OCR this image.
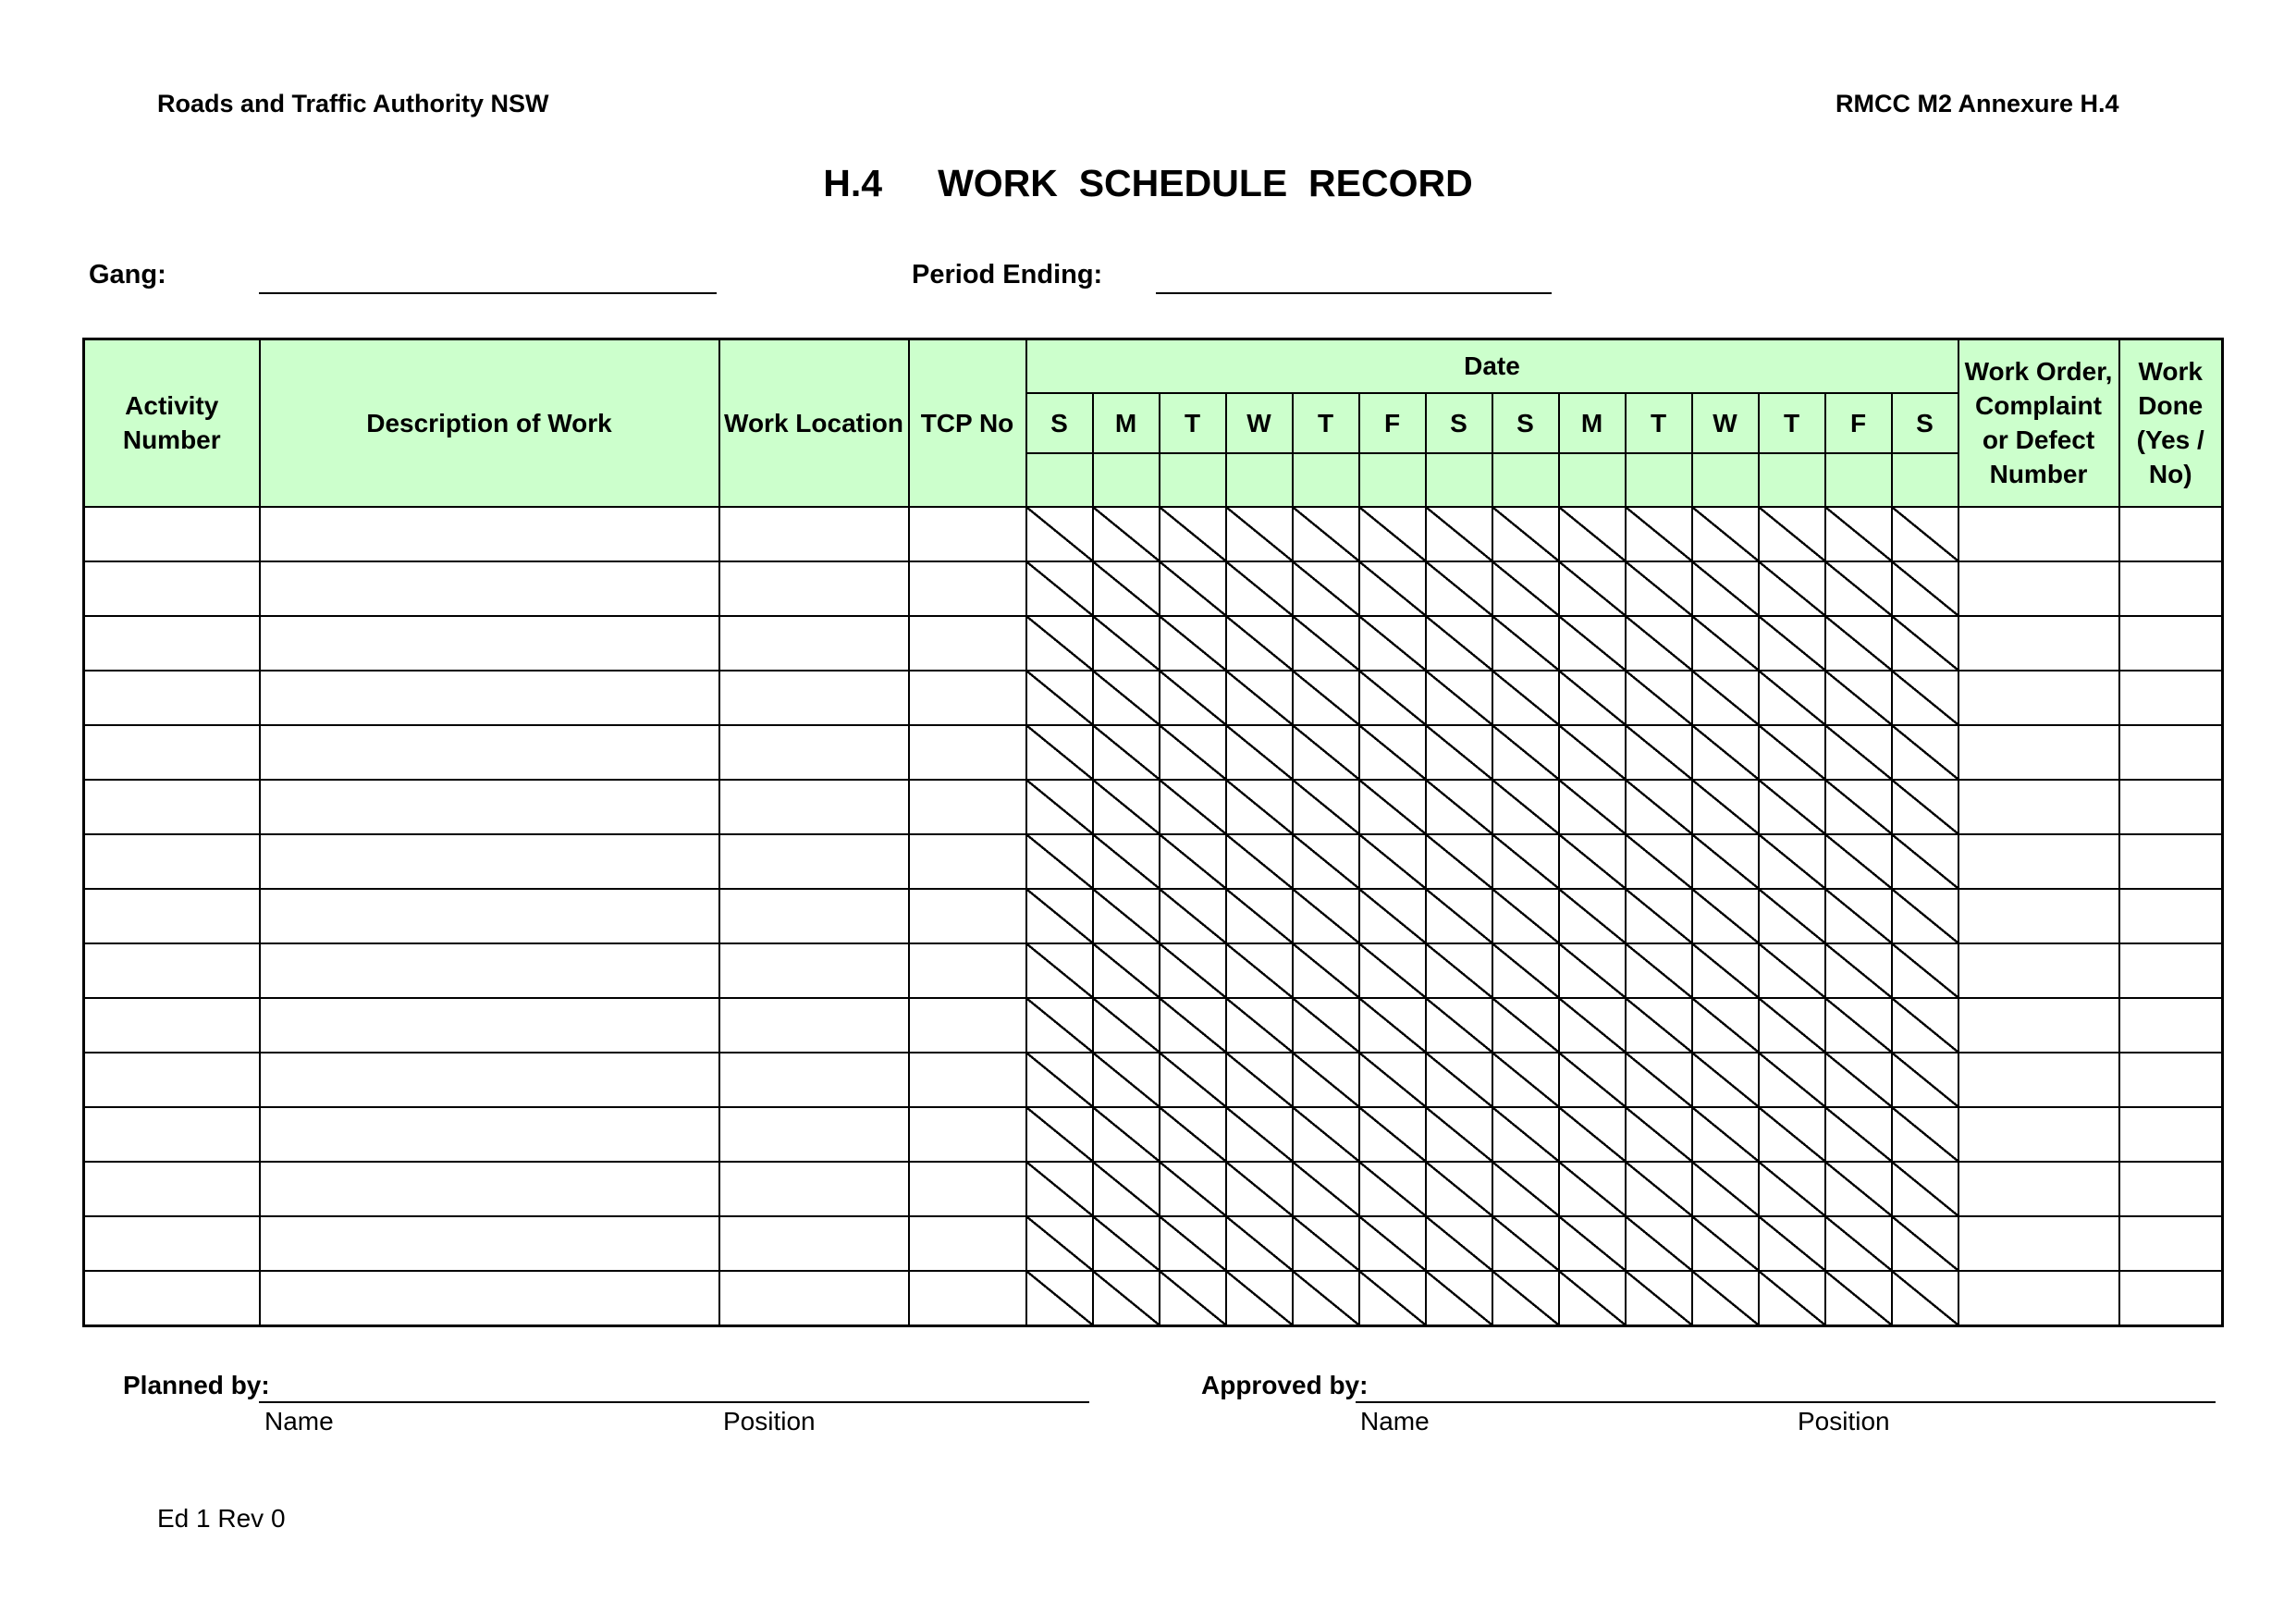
Roads and Traffic Authority NSW	RMCC M2 Annexure H.4
H.4 WORK  SCHEDULE  RECORD
Gang:	Period Ending:
Activity Number	Description of Work	Work Location	TCP No	Date														Work Order, Complaint or Defect Number	Work Done (Yes / No)
				S	M	T	W	T	F	S	S	M	T	W	T	F	S		

Planned by:
Name	Position
Approved by:
Name	Position
Ed 1 Rev 0
